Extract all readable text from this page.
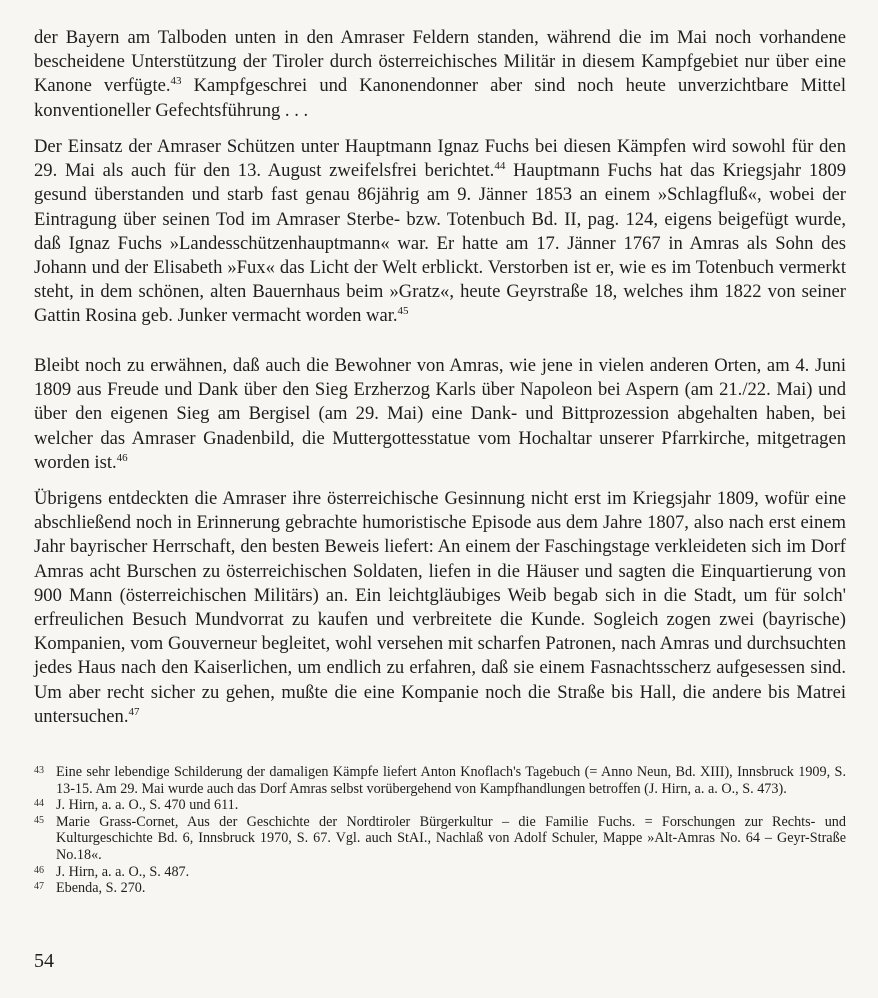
der Bayern am Talboden unten in den Amraser Feldern standen, während die im Mai noch vorhandene bescheidene Unterstützung der Tiroler durch österreichisches Militär in diesem Kampfgebiet nur über eine Kanone verfügte.$^{43}$ Kampfgeschrei und Kanonendonner aber sind noch heute unverzichtbare Mittel konventioneller Gefechtsführung . . .

Der Einsatz der Amraser Schützen unter Hauptmann Ignaz Fuchs bei diesen Kämpfen wird sowohl für den 29. Mai als auch für den 13. August zweifelsfrei berichtet.$^{44}$ Hauptmann Fuchs hat das Kriegsjahr 1809 gesund überstanden und starb fast genau 86jährig am 9. Jänner 1853 an einem »Schlagfluß«, wobei der Eintragung über seinen Tod im Amraser Sterbe- bzw. Totenbuch Bd. II, pag. 124, eigens beigefügt wurde, daß Ignaz Fuchs »Landesschützenhauptmann« war. Er hatte am 17. Jänner 1767 in Amras als Sohn des Johann und der Elisabeth »Fux« das Licht der Welt erblickt. Verstorben ist er, wie es im Totenbuch vermerkt steht, in dem schönen, alten Bauernhaus beim »Gratz«, heute Geyrstraße 18, welches ihm 1822 von seiner Gattin Rosina geb. Junker vermacht worden war.$^{45}$

Bleibt noch zu erwähnen, daß auch die Bewohner von Amras, wie jene in vielen anderen Orten, am 4. Juni 1809 aus Freude und Dank über den Sieg Erzherzog Karls über Napoleon bei Aspern (am 21./22. Mai) und über den eigenen Sieg am Bergisel (am 29. Mai) eine Dank- und Bittprozession abgehalten haben, bei welcher das Amraser Gnadenbild, die Muttergottesstatue vom Hochaltar unserer Pfarrkirche, mitgetragen worden ist.$^{46}$

Übrigens entdeckten die Amraser ihre österreichische Gesinnung nicht erst im Kriegsjahr 1809, wofür eine abschließend noch in Erinnerung gebrachte humoristische Episode aus dem Jahre 1807, also nach erst einem Jahr bayrischer Herrschaft, den besten Beweis liefert: An einem der Faschingstage verkleideten sich im Dorf Amras acht Burschen zu österreichischen Soldaten, liefen in die Häuser und sagten die Einquartierung von 900 Mann (österreichischen Militärs) an. Ein leichtgläubiges Weib begab sich in die Stadt, um für solch' erfreulichen Besuch Mundvorrat zu kaufen und verbreitete die Kunde. Sogleich zogen zwei (bayrische) Kompanien, vom Gouverneur begleitet, wohl versehen mit scharfen Patronen, nach Amras und durchsuchten jedes Haus nach den Kaiserlichen, um endlich zu erfahren, daß sie einem Fasnachtsscherz aufgesessen sind. Um aber recht sicher zu gehen, mußte die eine Kompanie noch die Straße bis Hall, die andere bis Matrei untersuchen.$^{47}$

43 Eine sehr lebendige Schilderung der damaligen Kämpfe liefert Anton Knoflach's Tagebuch (= Anno Neun, Bd. XIII), Innsbruck 1909, S. 13-15. Am 29. Mai wurde auch das Dorf Amras selbst vorübergehend von Kampfhandlungen betroffen (J. Hirn, a. a. O., S. 473).
44 J. Hirn, a. a. O., S. 470 und 611.
45 Marie Grass-Cornet, Aus der Geschichte der Nordtiroler Bürgerkultur – die Familie Fuchs. = Forschungen zur Rechts- und Kulturgeschichte Bd. 6, Innsbruck 1970, S. 67. Vgl. auch StAI., Nachlaß von Adolf Schuler, Mappe »Alt-Amras No. 64 – Geyr-Straße No.18«.
46 J. Hirn, a. a. O., S. 487.
47 Ebenda, S. 270.
54
